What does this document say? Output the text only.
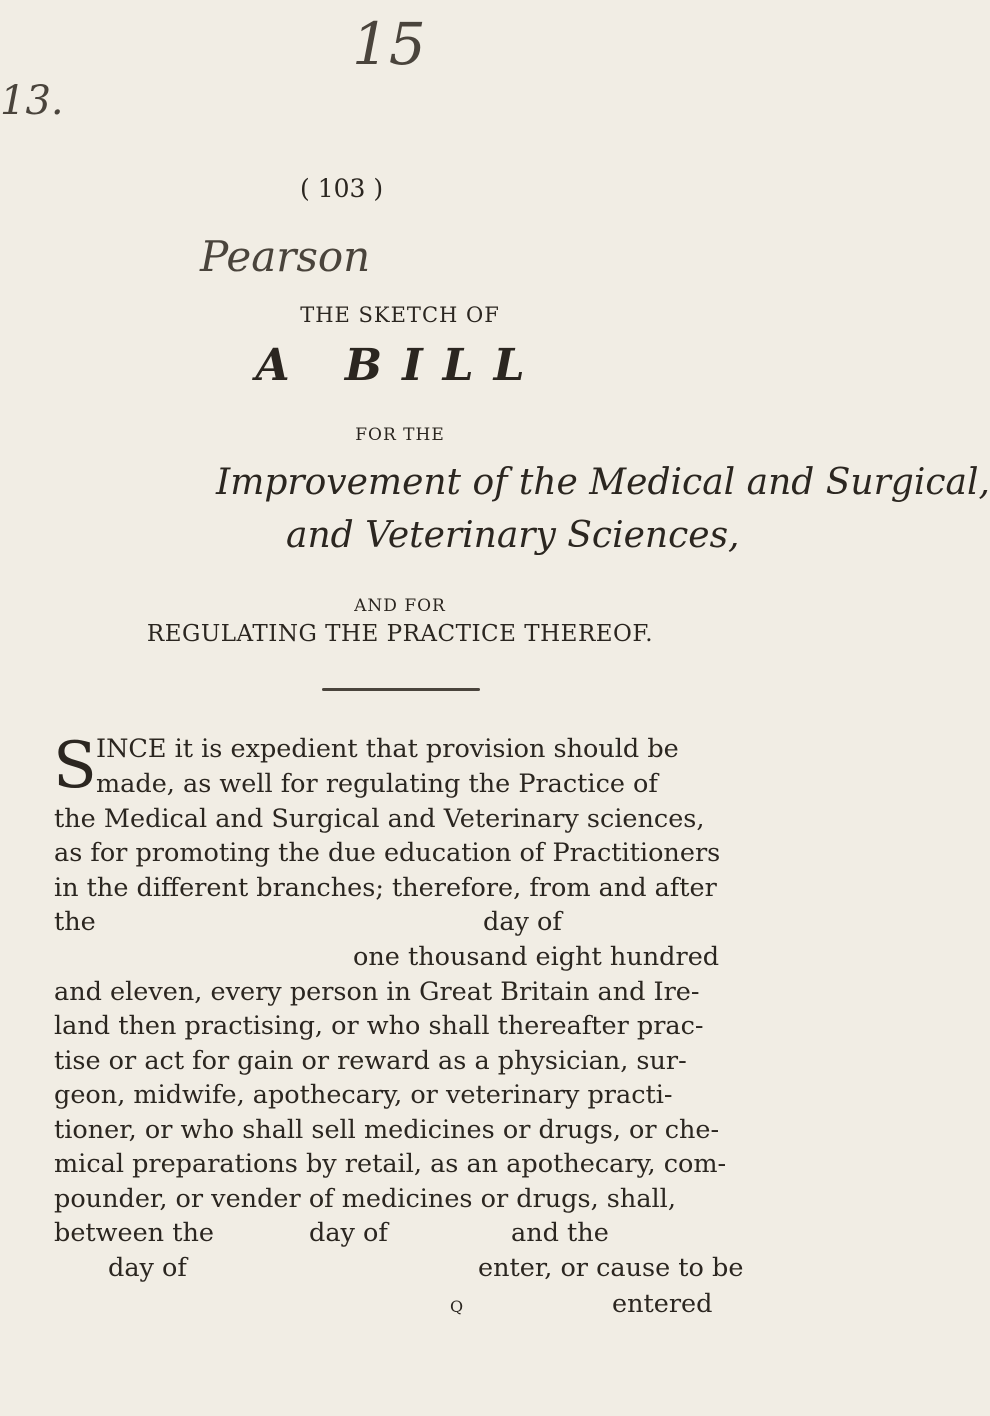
15
13.
Pearson
( 103 )
THE SKETCH OF
A BILL
FOR THE
Improvement of the Medical and Surgical,
and Veterinary Sciences,
AND FOR
REGULATING THE PRACTICE THEREOF.
S INCE it is expedient that provision should be
made, as well for regulating the Practice of
the Medical and Surgical and Veterinary sciences,
as for promoting the due education of Practitioners
in the different branches; therefore, from and after
the	day of
one thousand eight hundred
and eleven, every person in Great Britain and Ire-
land then practising, or who shall thereafter prac-
tise or act for gain or reward as a physician, sur-
geon, midwife, apothecary, or veterinary practi-
tioner, or who shall sell medicines or drugs, or che-
mical preparations by retail, as an apothecary, com-
pounder, or vender of medicines or drugs, shall,
between the	day of	and the
day of	enter, or cause to be
Q	entered
